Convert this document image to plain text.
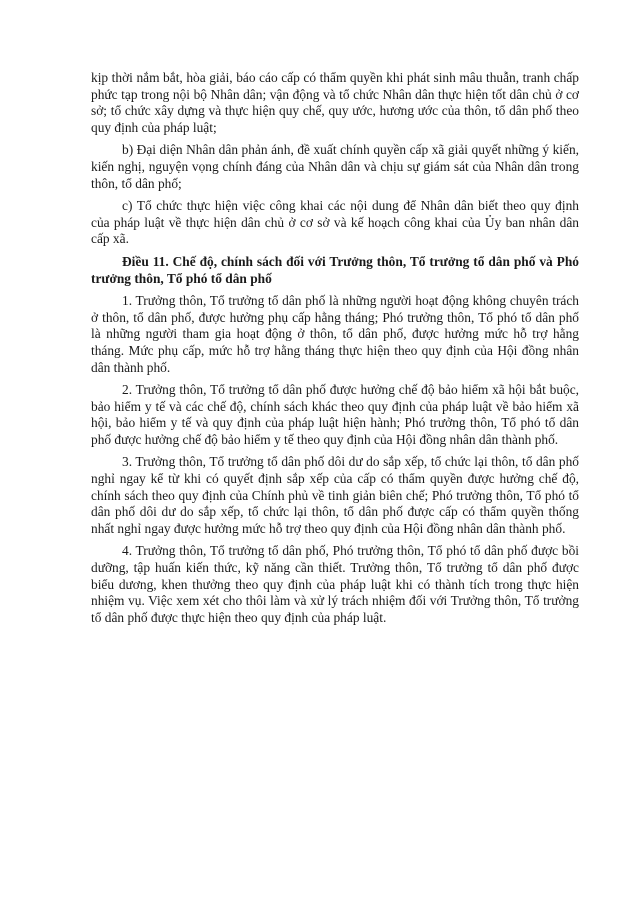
kịp thời nắm bắt, hòa giải, báo cáo cấp có thẩm quyền khi phát sinh mâu thuẫn, tranh chấp phức tạp trong nội bộ Nhân dân; vận động và tổ chức Nhân dân thực hiện tốt dân chủ ở cơ sở; tổ chức xây dựng và thực hiện quy chế, quy ước, hương ước của thôn, tổ dân phố theo quy định của pháp luật;

b) Đại diện Nhân dân phản ánh, đề xuất chính quyền cấp xã giải quyết những ý kiến, kiến nghị, nguyện vọng chính đáng của Nhân dân và chịu sự giám sát của Nhân dân trong thôn, tổ dân phố;

c) Tổ chức thực hiện việc công khai các nội dung để Nhân dân biết theo quy định của pháp luật về thực hiện dân chủ ở cơ sở và kế hoạch công khai của Ủy ban nhân dân cấp xã.

Điều 11. Chế độ, chính sách đối với Trưởng thôn, Tổ trưởng tổ dân phố và Phó trưởng thôn, Tổ phó tổ dân phố

1. Trưởng thôn, Tổ trưởng tổ dân phố là những người hoạt động không chuyên trách ở thôn, tổ dân phố, được hưởng phụ cấp hằng tháng; Phó trưởng thôn, Tổ phó tổ dân phố là những người tham gia hoạt động ở thôn, tổ dân phố, được hưởng mức hỗ trợ hằng tháng. Mức phụ cấp, mức hỗ trợ hằng tháng thực hiện theo quy định của Hội đồng nhân dân thành phố.

2. Trưởng thôn, Tổ trưởng tổ dân phố được hưởng chế độ bảo hiểm xã hội bắt buộc, bảo hiểm y tế và các chế độ, chính sách khác theo quy định của pháp luật về bảo hiểm xã hội, bảo hiểm y tế và quy định của pháp luật hiện hành; Phó trưởng thôn, Tổ phó tổ dân phố được hưởng chế độ bảo hiểm y tế theo quy định của Hội đồng nhân dân thành phố.

3. Trưởng thôn, Tổ trưởng tổ dân phố dôi dư do sắp xếp, tổ chức lại thôn, tổ dân phố nghỉ ngay kể từ khi có quyết định sắp xếp của cấp có thẩm quyền được hưởng chế độ, chính sách theo quy định của Chính phủ về tinh giản biên chế; Phó trưởng thôn, Tổ phó tổ dân phố dôi dư do sắp xếp, tổ chức lại thôn, tổ dân phố được cấp có thẩm quyền thống nhất nghỉ ngay được hưởng mức hỗ trợ theo quy định của Hội đồng nhân dân thành phố.

4. Trưởng thôn, Tổ trưởng tổ dân phố, Phó trưởng thôn, Tổ phó tổ dân phố được bồi dưỡng, tập huấn kiến thức, kỹ năng cần thiết. Trưởng thôn, Tổ trưởng tổ dân phố được biểu dương, khen thưởng theo quy định của pháp luật khi có thành tích trong thực hiện nhiệm vụ. Việc xem xét cho thôi làm và xử lý trách nhiệm đối với Trưởng thôn, Tổ trưởng tổ dân phố được thực hiện theo quy định của pháp luật.
